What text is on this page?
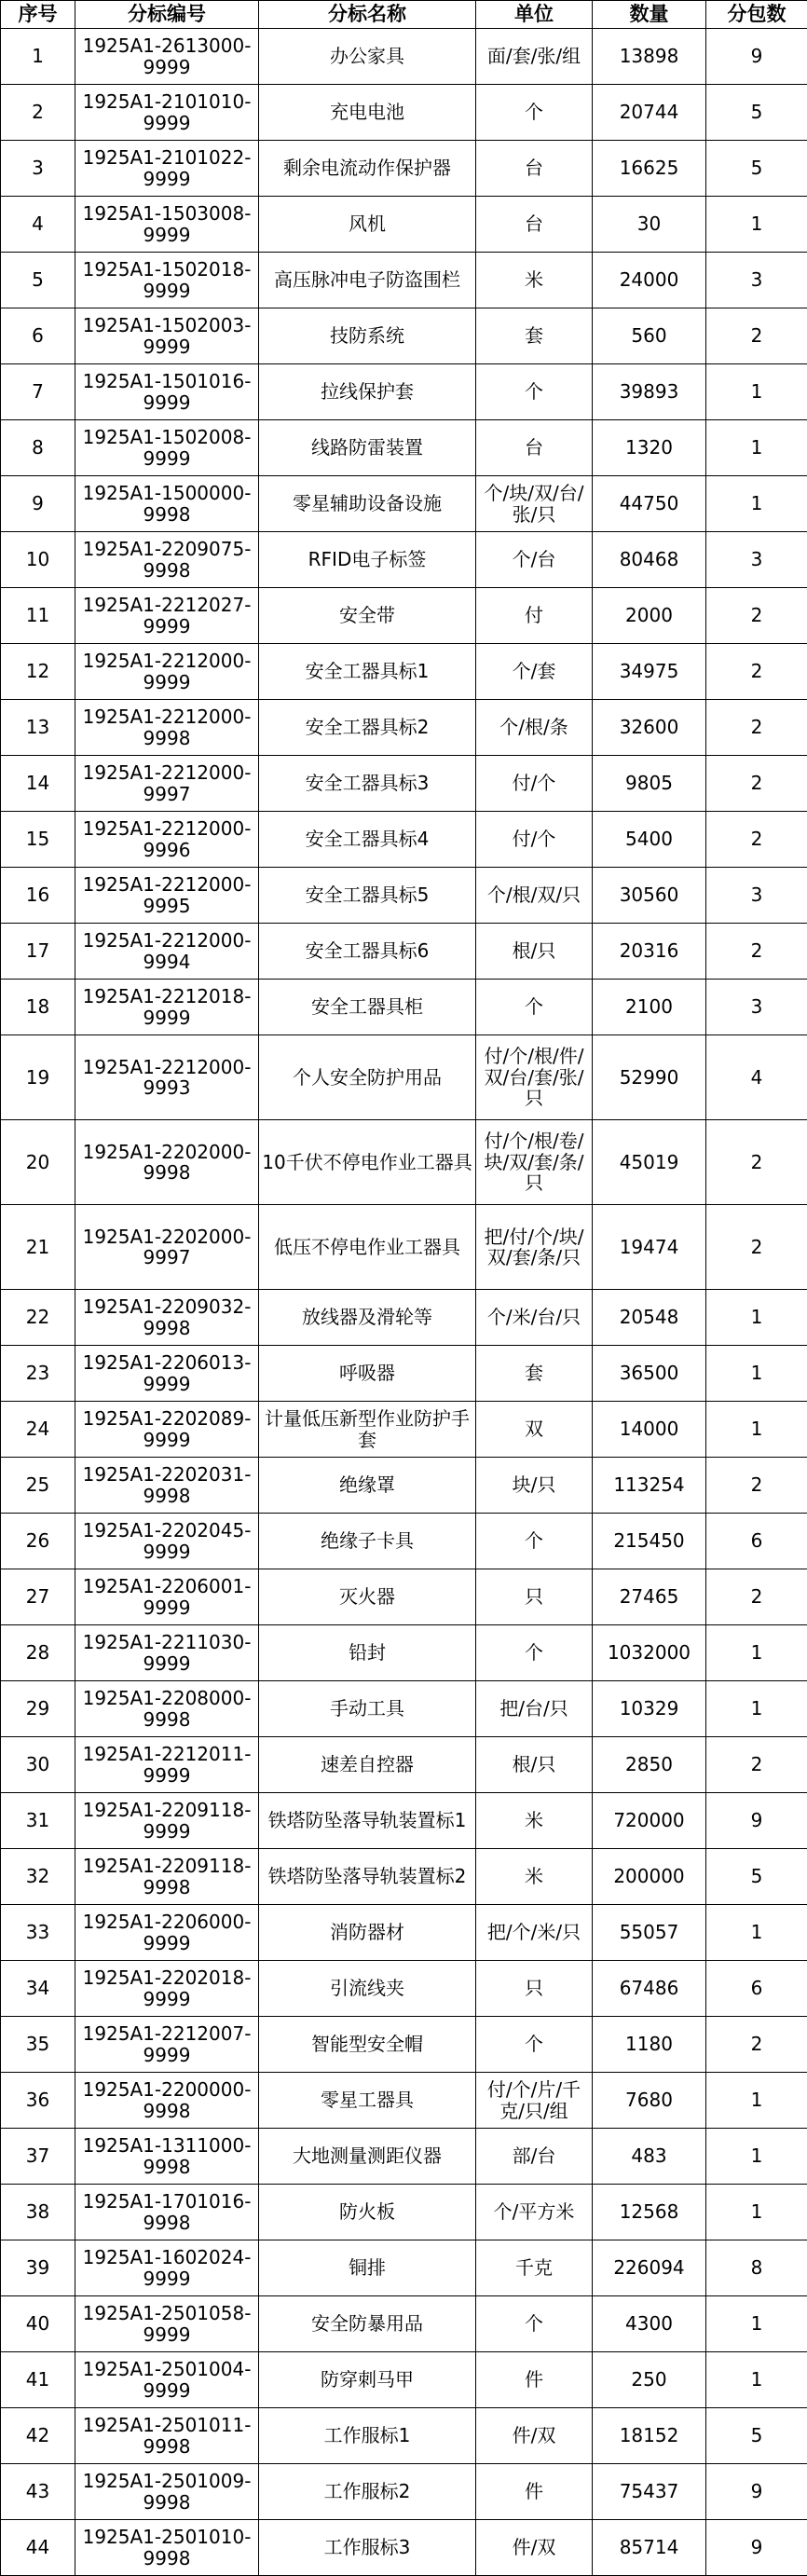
序号	分标编号	分标名称	单位	数量	分包数
1	1925A1-2613000-9999	办公家具	面/套/张/组	13898	9
2	1925A1-2101010-9999	充电电池	个	20744	5
3	1925A1-2101022-9999	剩余电流动作保护器	台	16625	5
4	1925A1-1503008-9999	风机	台	30	1
5	1925A1-1502018-9999	高压脉冲电子防盗围栏	米	24000	3
6	1925A1-1502003-9999	技防系统	套	560	2
7	1925A1-1501016-9999	拉线保护套	个	39893	1
8	1925A1-1502008-9999	线路防雷装置	台	1320	1
9	1925A1-1500000-9998	零星辅助设备设施	个/块/双/台/张/只	44750	1
10	1925A1-2209075-9998	RFID电子标签	个/台	80468	3
11	1925A1-2212027-9999	安全带	付	2000	2
12	1925A1-2212000-9999	安全工器具标1	个/套	34975	2
13	1925A1-2212000-9998	安全工器具标2	个/根/条	32600	2
14	1925A1-2212000-9997	安全工器具标3	付/个	9805	2
15	1925A1-2212000-9996	安全工器具标4	付/个	5400	2
16	1925A1-2212000-9995	安全工器具标5	个/根/双/只	30560	3
17	1925A1-2212000-9994	安全工器具标6	根/只	20316	2
18	1925A1-2212018-9999	安全工器具柜	个	2100	3
19	1925A1-2212000-9993	个人安全防护用品	付/个/根/件/双/台/套/张/只	52990	4
20	1925A1-2202000-9998	10千伏不停电作业工器具	付/个/根/卷/块/双/套/条/只	45019	2
21	1925A1-2202000-9997	低压不停电作业工器具	把/付/个/块/双/套/条/只	19474	2
22	1925A1-2209032-9998	放线器及滑轮等	个/米/台/只	20548	1
23	1925A1-2206013-9999	呼吸器	套	36500	1
24	1925A1-2202089-9999	计量低压新型作业防护手套	双	14000	1
25	1925A1-2202031-9998	绝缘罩	块/只	113254	2
26	1925A1-2202045-9999	绝缘子卡具	个	215450	6
27	1925A1-2206001-9999	灭火器	只	27465	2
28	1925A1-2211030-9999	铅封	个	1032000	1
29	1925A1-2208000-9998	手动工具	把/台/只	10329	1
30	1925A1-2212011-9999	速差自控器	根/只	2850	2
31	1925A1-2209118-9999	铁塔防坠落导轨装置标1	米	720000	9
32	1925A1-2209118-9998	铁塔防坠落导轨装置标2	米	200000	5
33	1925A1-2206000-9999	消防器材	把/个/米/只	55057	1
34	1925A1-2202018-9999	引流线夹	只	67486	6
35	1925A1-2212007-9999	智能型安全帽	个	1180	2
36	1925A1-2200000-9998	零星工器具	付/个/片/千克/只/组	7680	1
37	1925A1-1311000-9998	大地测量测距仪器	部/台	483	1
38	1925A1-1701016-9998	防火板	个/平方米	12568	1
39	1925A1-1602024-9999	铜排	千克	226094	8
40	1925A1-2501058-9999	安全防暴用品	个	4300	1
41	1925A1-2501004-9999	防穿刺马甲	件	250	1
42	1925A1-2501011-9998	工作服标1	件/双	18152	5
43	1925A1-2501009-9998	工作服标2	件	75437	9
44	1925A1-2501010-9998	工作服标3	件/双	85714	9
